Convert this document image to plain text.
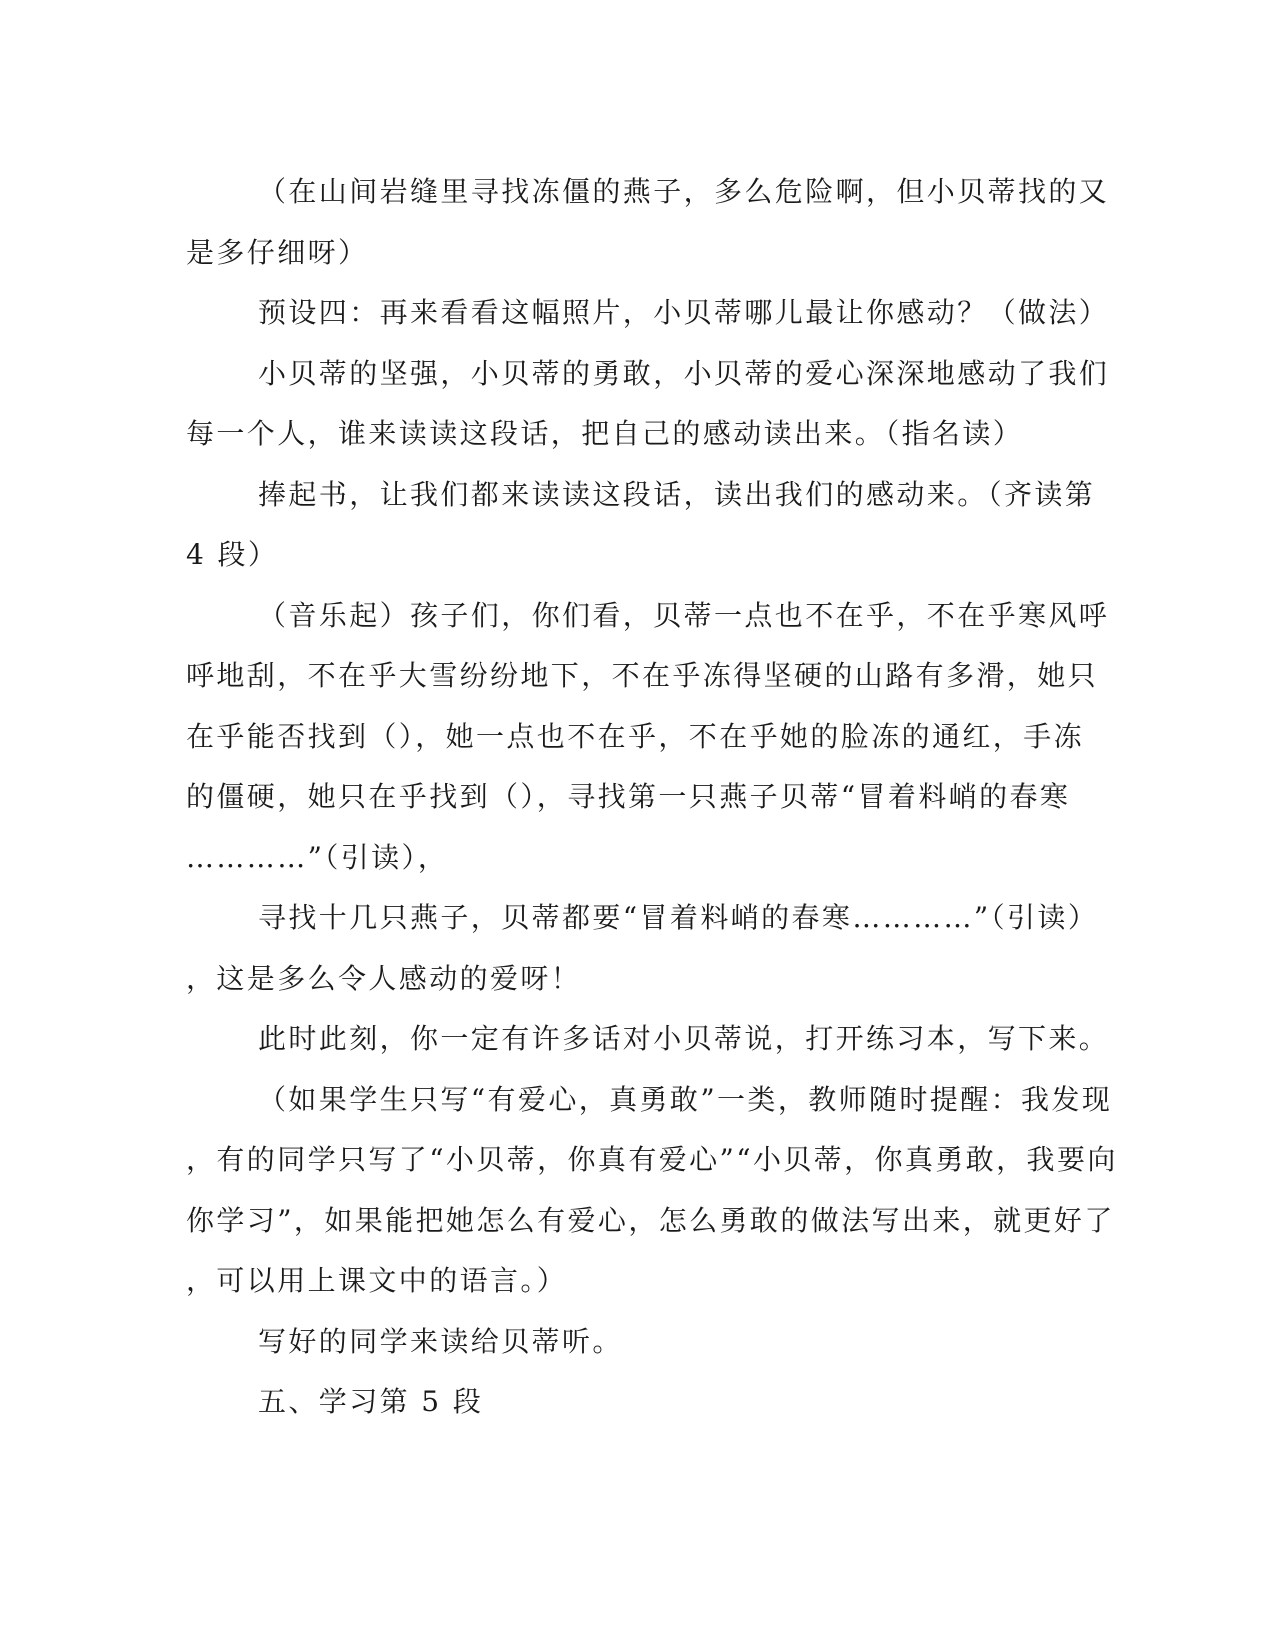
（在山间岩缝里寻找冻僵的燕子，多么危险啊，但小贝蒂找的又
是多仔细呀）
预设四：再来看看这幅照片，小贝蒂哪儿最让你感动？（做法）
小贝蒂的坚强，小贝蒂的勇敢，小贝蒂的爱心深深地感动了我们
每一个人，谁来读读这段话，把自己的感动读出来。（指名读）
捧起书，让我们都来读读这段话，读出我们的感动来。（齐读第
4 段）
（音乐起）孩子们，你们看，贝蒂一点也不在乎，不在乎寒风呼
呼地刮，不在乎大雪纷纷地下，不在乎冻得坚硬的山路有多滑，她只
在乎能否找到（），她一点也不在乎，不在乎她的脸冻的通红，手冻
的僵硬，她只在乎找到（），寻找第一只燕子贝蒂“冒着料峭的春寒
…………”（引读），
寻找十几只燕子，贝蒂都要“冒着料峭的春寒…………”（引读）
，这是多么令人感动的爱呀！
此时此刻，你一定有许多话对小贝蒂说，打开练习本，写下来。
（如果学生只写“有爱心，真勇敢”一类，教师随时提醒：我发现
，有的同学只写了“小贝蒂，你真有爱心”“小贝蒂，你真勇敢，我要向
你学习”，如果能把她怎么有爱心，怎么勇敢的做法写出来，就更好了
，可以用上课文中的语言。）
写好的同学来读给贝蒂听。
五、学习第 5 段
